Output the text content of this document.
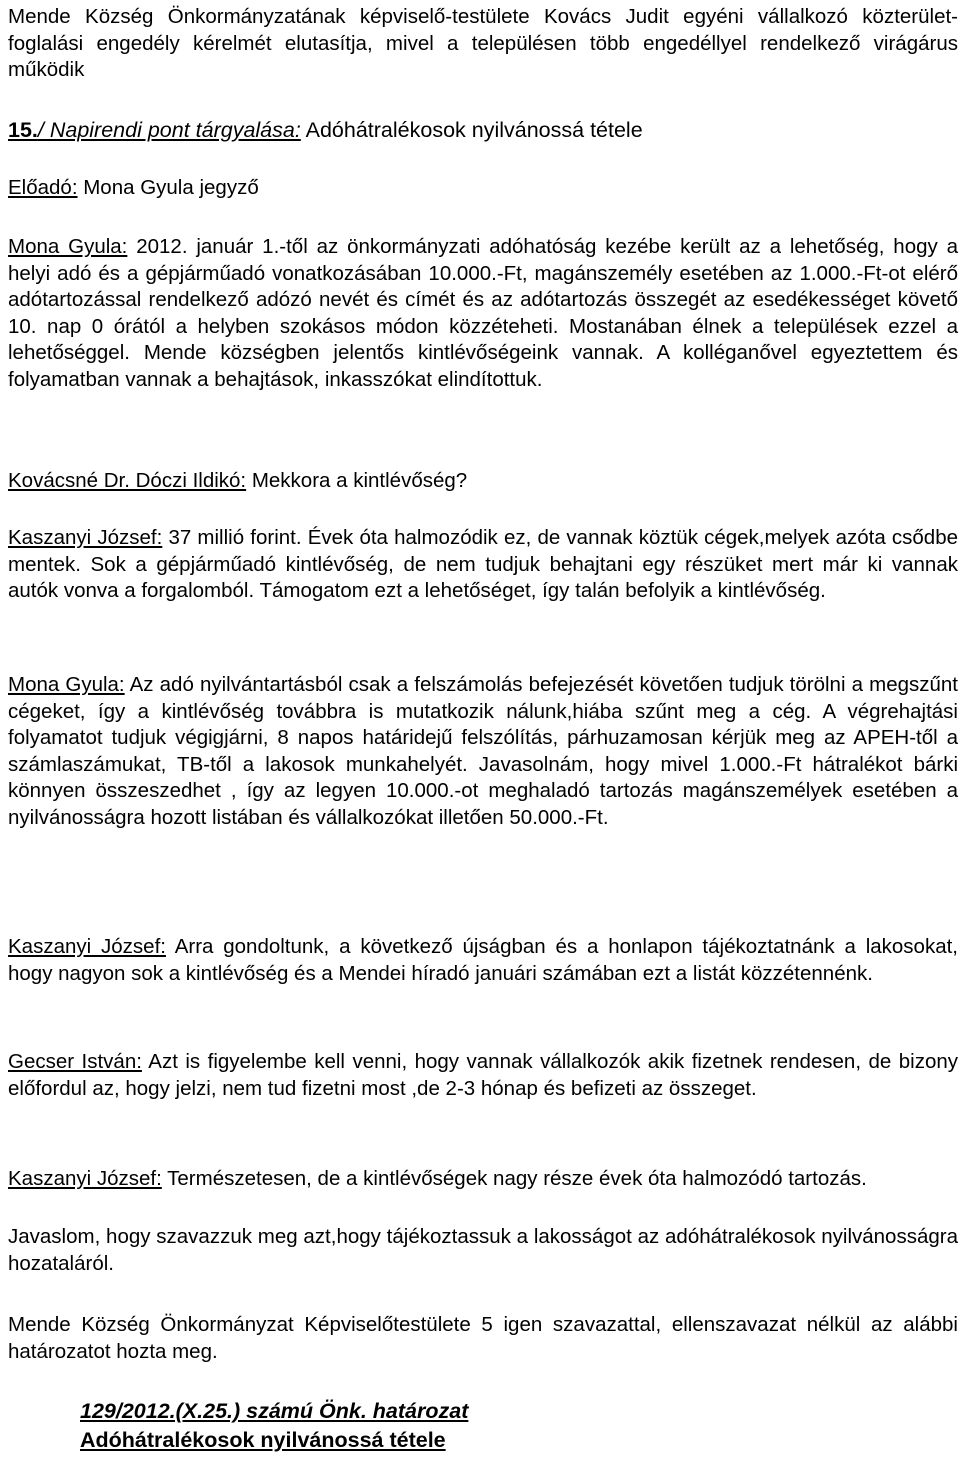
Mende Község Önkormányzatának képviselő-testülete Kovács Judit egyéni vállalkozó közterület-foglalási engedély kérelmét elutasítja, mivel a településen több engedéllyel rendelkező virágárus működik

15./ Napirendi pont tárgyalása: Adóhátralékosok nyilvánossá tétele

Előadó: Mona Gyula jegyző

Mona Gyula: 2012. január 1.-től az önkormányzati adóhatóság kezébe került az a lehetőség, hogy a helyi adó és a gépjárműadó vonatkozásában 10.000.-Ft, magánszemély esetében az 1.000.-Ft-ot elérő adótartozással rendelkező adózó nevét és címét és az adótartozás összegét az esedékességet követő 10. nap 0 órától a helyben szokásos módon közzéteheti. Mostanában élnek a települések ezzel a lehetőséggel. Mende községben jelentős kintlévőségeink vannak. A kolléganővel egyeztettem és folyamatban vannak a behajtások, inkasszókat elindítottuk.

Kovácsné Dr. Dóczi Ildikó: Mekkora a kintlévőség?

Kaszanyi József: 37 millió forint. Évek óta halmozódik ez, de vannak köztük cégek,melyek azóta csődbe mentek. Sok a gépjárműadó kintlévőség, de nem tudjuk behajtani egy részüket mert már ki vannak autók vonva a forgalomból. Támogatom ezt a lehetőséget, így talán befolyik a kintlévőség.

Mona Gyula: Az adó nyilvántartásból csak a felszámolás befejezését követően tudjuk törölni a megszűnt cégeket, így a kintlévőség továbbra is mutatkozik nálunk,hiába szűnt meg a cég. A végrehajtási folyamatot tudjuk végigjárni, 8 napos határidejű felszólítás, párhuzamosan kérjük meg az APEH-től a számlaszámukat, TB-től a lakosok munkahelyét. Javasolnám, hogy mivel 1.000.-Ft hátralékot bárki könnyen összeszedhet , így az legyen 10.000.-ot meghaladó tartozás magánszemélyek esetében a nyilvánosságra hozott listában és vállalkozókat illetően 50.000.-Ft.

Kaszanyi József: Arra gondoltunk, a következő újságban és a honlapon tájékoztatnánk a lakosokat, hogy nagyon sok a kintlévőség és a Mendei híradó januári számában ezt a listát közzétennénk.

Gecser István: Azt is figyelembe kell venni, hogy vannak vállalkozók akik fizetnek rendesen, de bizony előfordul az, hogy jelzi, nem tud fizetni most ,de 2-3 hónap és befizeti az összeget.

Kaszanyi József: Természetesen, de a kintlévőségek nagy része évek óta halmozódó tartozás.

Javaslom, hogy szavazzuk meg azt,hogy tájékoztassuk a lakosságot az adóhátralékosok nyilvánosságra hozataláról.

Mende Község Önkormányzat Képviselőtestülete 5 igen szavazattal, ellenszavazat nélkül az alábbi határozatot hozta meg.

129/2012.(X.25.) számú Önk. határozat
Adóhátralékosok nyilvánossá tétele
